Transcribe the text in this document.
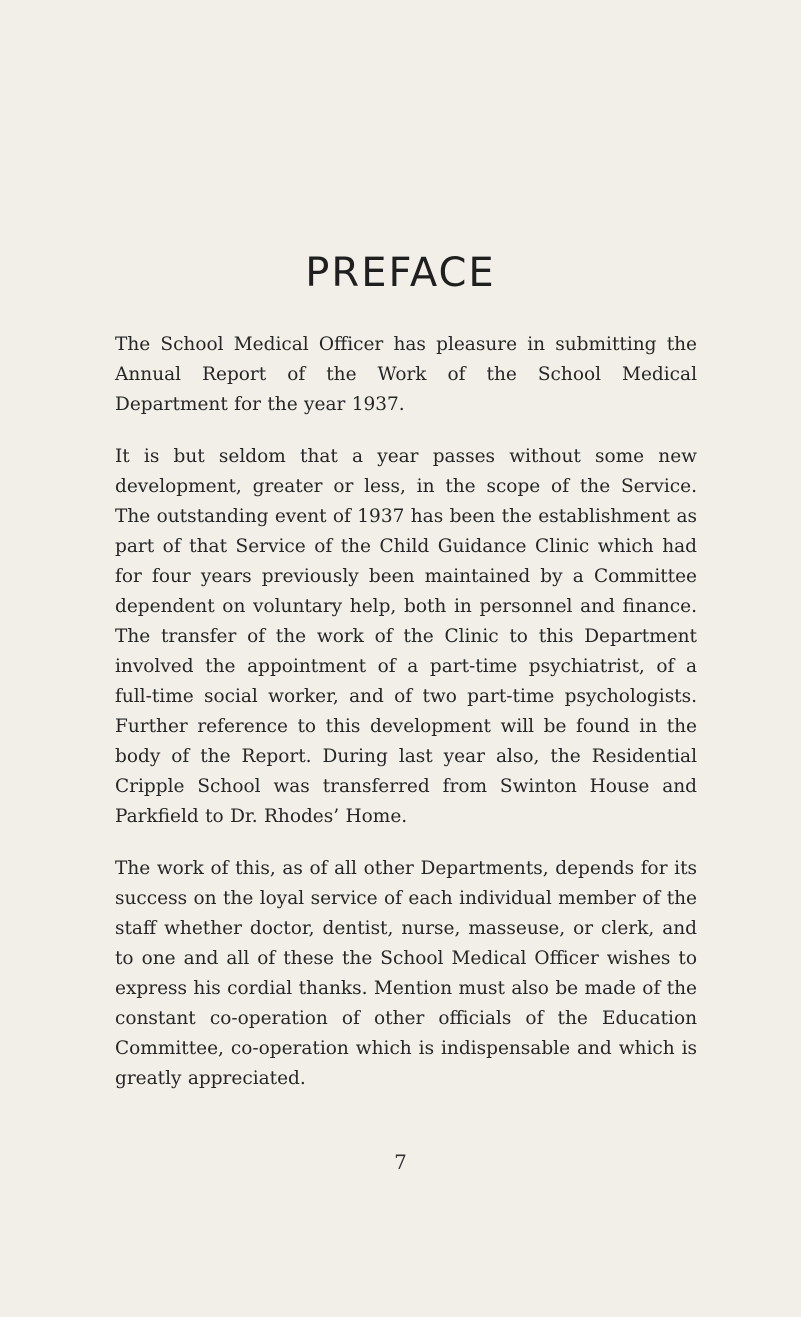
PREFACE

The School Medical Officer has pleasure in submitting the Annual Report of the Work of the School Medical Department for the year 1937.

It is but seldom that a year passes without some new development, greater or less, in the scope of the Service. The outstanding event of 1937 has been the establishment as part of that Service of the Child Guidance Clinic which had for four years previously been maintained by a Committee dependent on voluntary help, both in personnel and finance. The transfer of the work of the Clinic to this Department involved the appointment of a part-time psychiatrist, of a full-time social worker, and of two part-time psychologists. Further reference to this development will be found in the body of the Report. During last year also, the Residential Cripple School was transferred from Swinton House and Parkfield to Dr. Rhodes’ Home.

The work of this, as of all other Departments, depends for its success on the loyal service of each individual member of the staff whether doctor, dentist, nurse, masseuse, or clerk, and to one and all of these the School Medical Officer wishes to express his cordial thanks. Mention must also be made of the constant co-operation of other officials of the Education Committee, co-operation which is indispensable and which is greatly appreciated.

7
